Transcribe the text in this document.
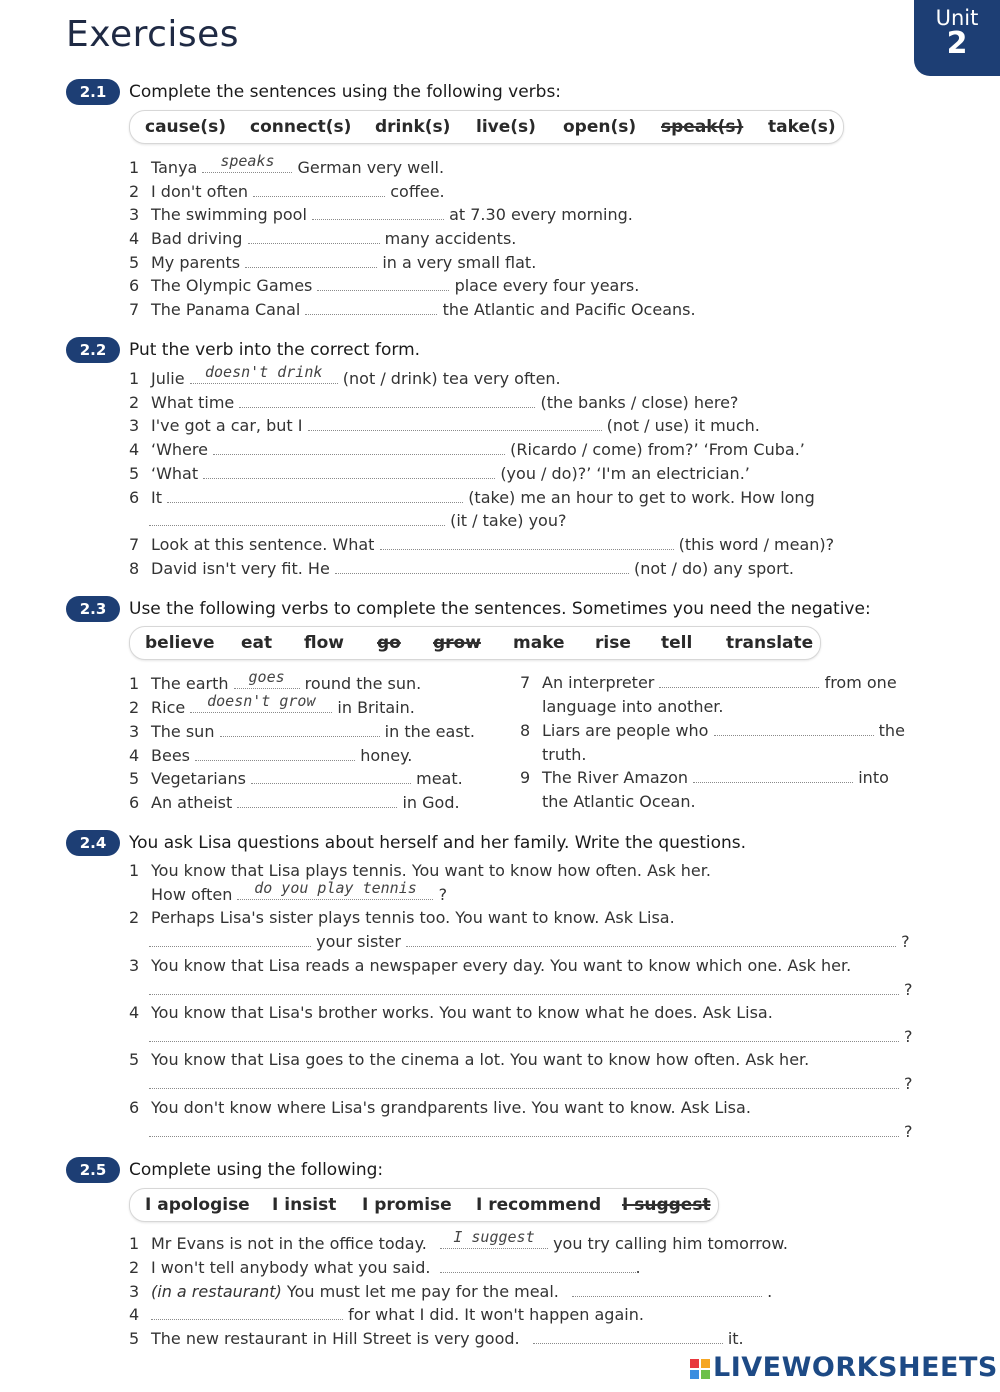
Exercises	Unit
2
2.1	Complete the sentences using the following verbs:
cause(s) connect(s) drink(s) live(s) open(s) speak(s) take(s)
1 Tanya	speaks	German very well.
2 I don't often	coffee.
3 The swimming pool	at 7.30 every morning.
4 Bad driving	many accidents.
5 My parents	in a very small flat.
6 The Olympic Games	place every four years.
7 The Panama Canal	the Atlantic and Pacific Oceans.
2.2	Put the verb into the correct form.
1 Julie	doesn't drink	(not / drink) tea very often.
2 What time	(the banks / close) here?
3 I've got a car, but I	(not / use) it much.
4 ‘Where	(Ricardo / come) from?’ ‘From Cuba.’
5 ‘What	(you / do)?’ ‘I'm an electrician.’
6 It	(take) me an hour to get to work. How long
(it / take) you?
7 Look at this sentence. What	(this word / mean)?
8 David isn't very fit. He	(not / do) any sport.
2.3	Use the following verbs to complete the sentences. Sometimes you need the negative:
believe eat flow go grow make rise tell translate
1 The earth	goes	round the sun.
2 Rice	doesn't grow	in Britain.
3 The sun	in the east.
4 Bees	honey.
5 Vegetarians	meat.
6 An atheist	in God.
7 An interpreter	from one
language into another.
8 Liars are people who	the
truth.
9 The River Amazon	into
the Atlantic Ocean.
2.4	You ask Lisa questions about herself and her family. Write the questions.
1 You know that Lisa plays tennis. You want to know how often. Ask her.
How often	do you play tennis	?
2 Perhaps Lisa's sister plays tennis too. You want to know. Ask Lisa.
your sister	?
3 You know that Lisa reads a newspaper every day. You want to know which one. Ask her.
?
4 You know that Lisa's brother works. You want to know what he does. Ask Lisa.
?
5 You know that Lisa goes to the cinema a lot. You want to know how often. Ask her.
?
6 You don't know where Lisa's grandparents live. You want to know. Ask Lisa.
?
2.5	Complete using the following:
I apologise I insist I promise I recommend I suggest
1 Mr Evans is not in the office today.	I suggest	you try calling him tomorrow.
2 I won't tell anybody what you said.	.
3 (in a restaurant) You must let me pay for the meal.	.
4	for what I did. It won't happen again.
5 The new restaurant in Hill Street is very good.	it.
LIVEWORKSHEETS
